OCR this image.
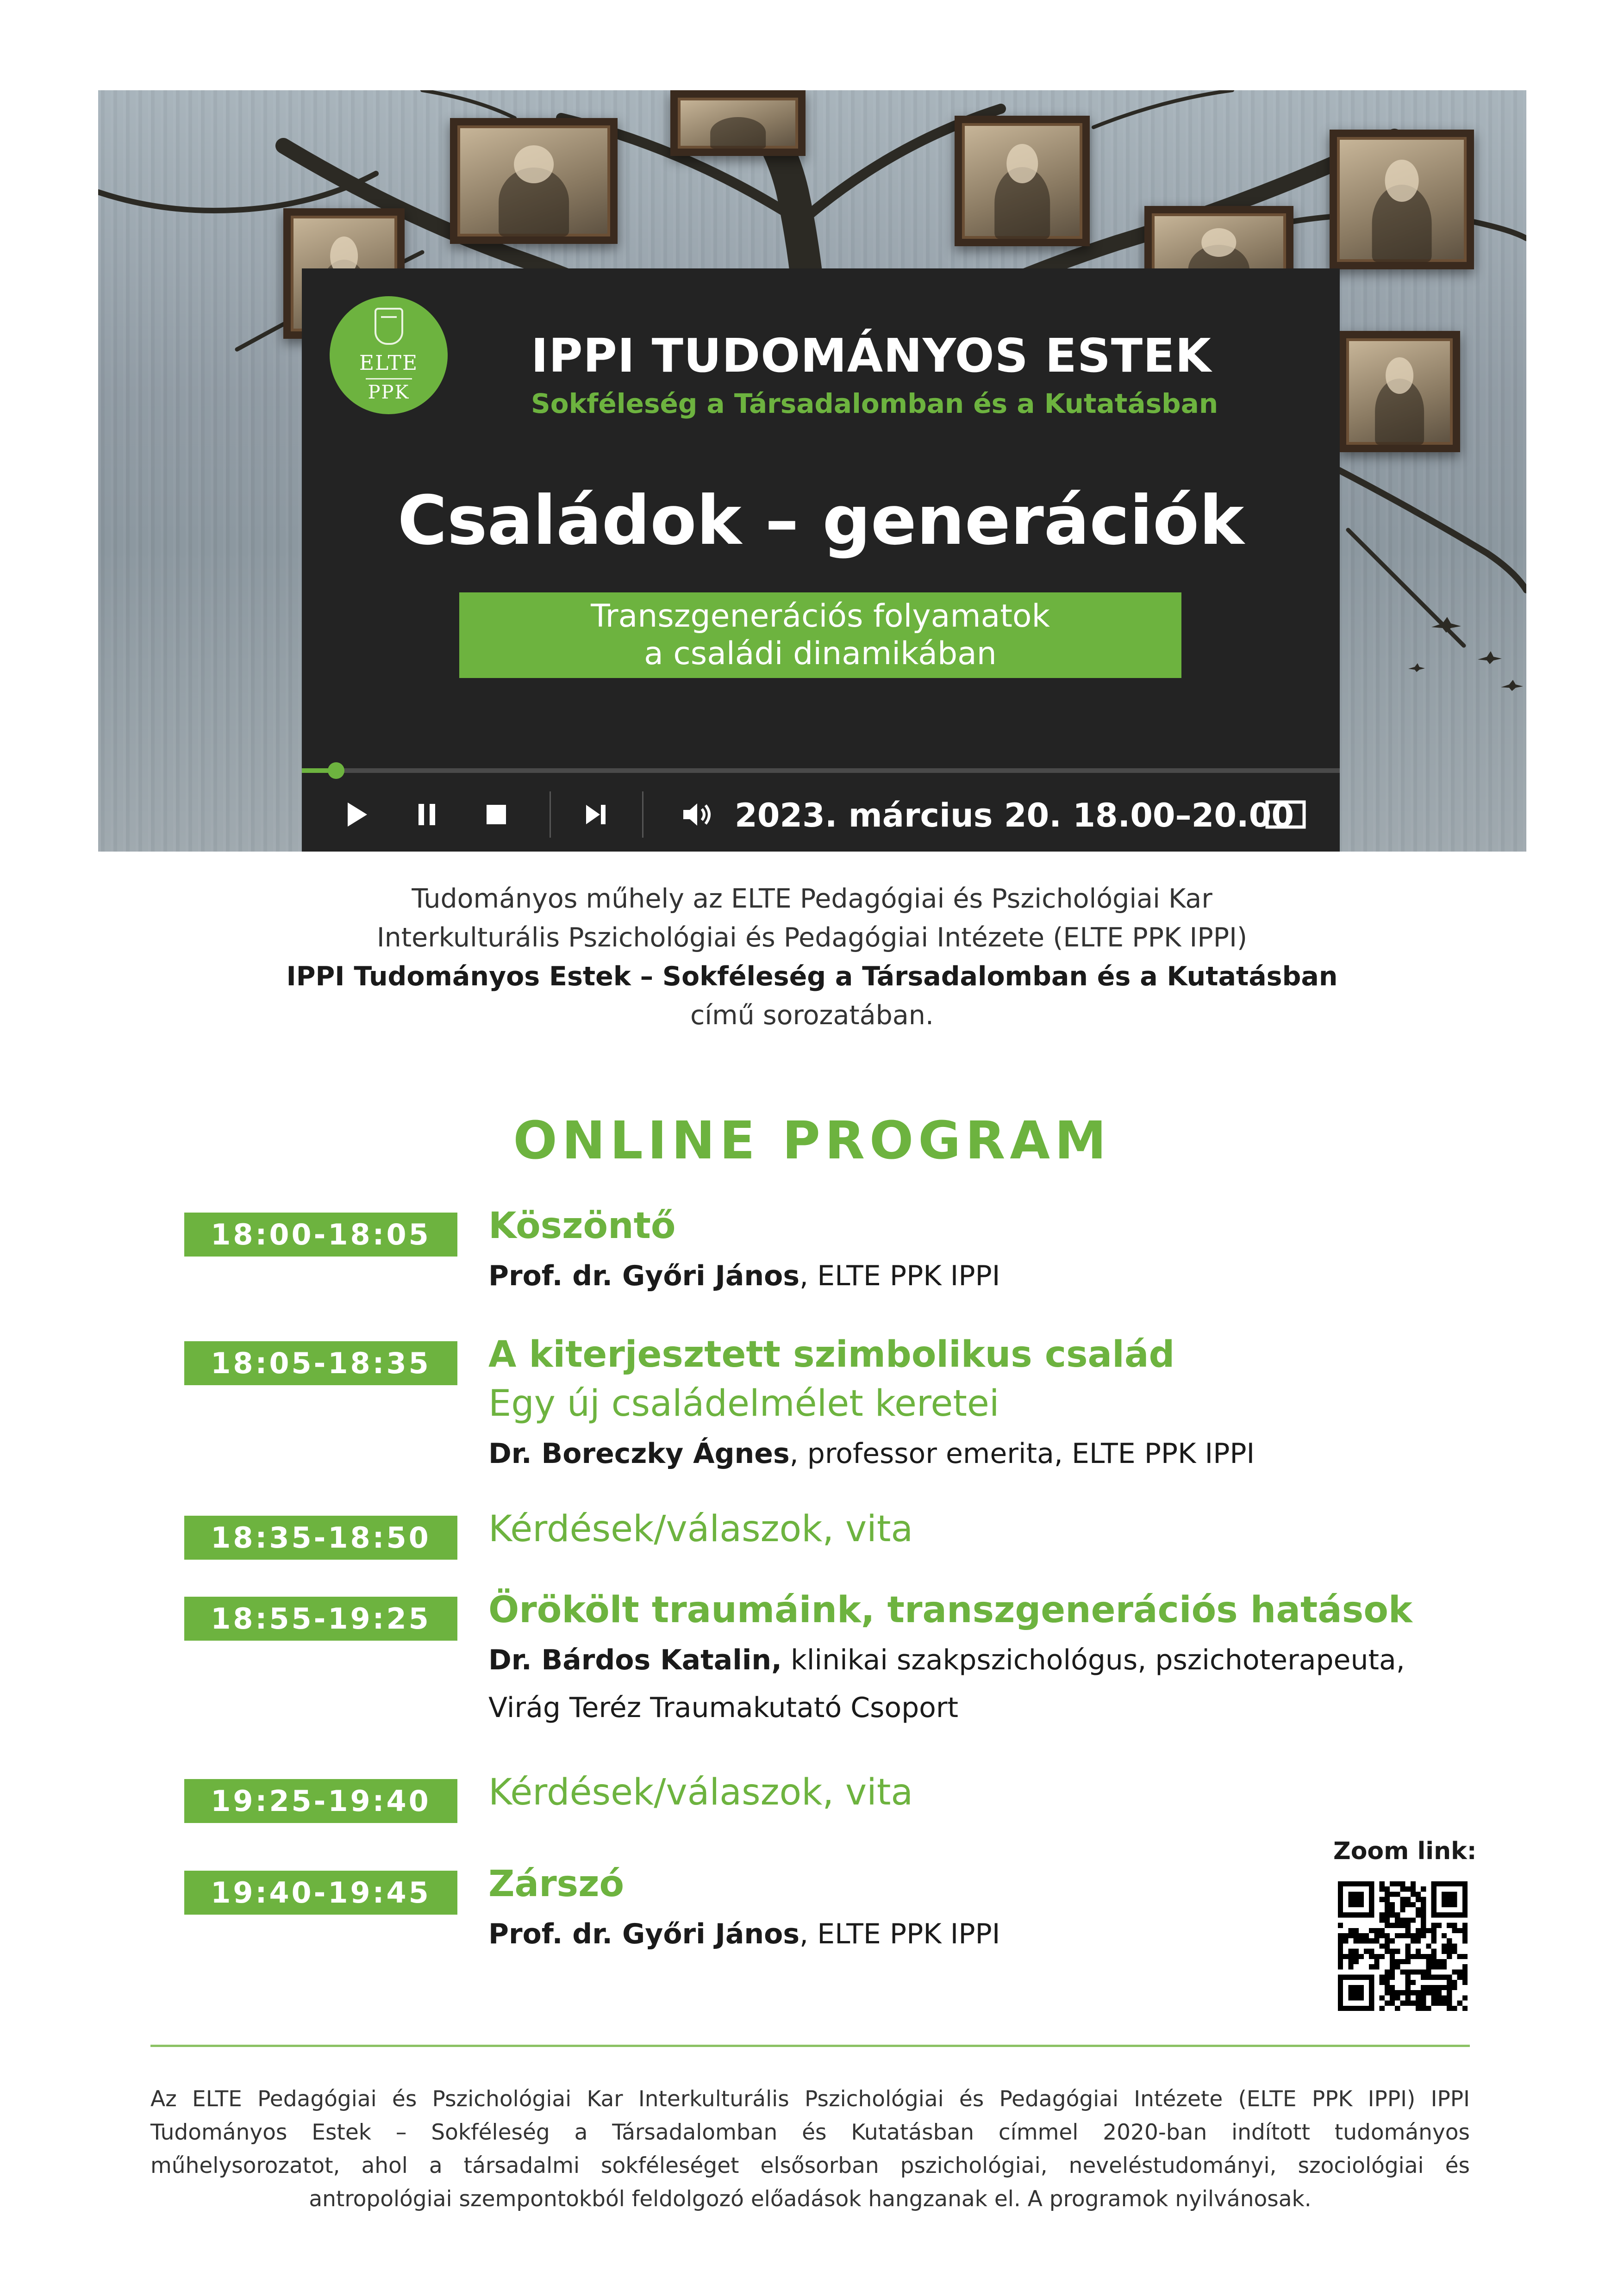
ELTE
PPK
IPPI TUDOMÁNYOS ESTEK
Sokféleség a Társadalomban és a Kutatásban
Családok – generációk
Transzgenerációs folyamatok
a családi dinamikában
2023. március 20. 18.00–20.00
Tudományos műhely az ELTE Pedagógiai és Pszichológiai Kar
Interkulturális Pszichológiai és Pedagógiai Intézete (ELTE PPK IPPI)
IPPI Tudományos Estek – Sokféleség a Társadalomban és a Kutatásban
című sorozatában.
ONLINE PROGRAM
18:00-18:05	Köszöntő
Prof. dr. Győri János, ELTE PPK IPPI
18:05-18:35	A kiterjesztett szimbolikus család
Egy új családelmélet keretei
Dr. Boreczky Ágnes, professor emerita, ELTE PPK IPPI
18:35-18:50	Kérdések/válaszok, vita
18:55-19:25	Örökölt traumáink, transzgenerációs hatások
Dr. Bárdos Katalin, klinikai szakpszichológus, pszichoterapeuta,
Virág Teréz Traumakutató Csoport
19:25-19:40	Kérdések/válaszok, vita
19:40-19:45	Zárszó
Prof. dr. Győri János, ELTE PPK IPPI
Zoom link:
Az ELTE Pedagógiai és Pszichológiai Kar Interkulturális Pszichológiai és Pedagógiai Intézete (ELTE PPK IPPI) IPPI Tudományos Estek – Sokféleség a Társadalomban és Kutatásban címmel 2020-ban indított tudományos műhelysorozatot, ahol a társadalmi sokféleséget elsősorban pszichológiai, neveléstudományi, szociológiai és antropológiai szempontokból feldolgozó előadások hangzanak el. A programok nyilvánosak.
